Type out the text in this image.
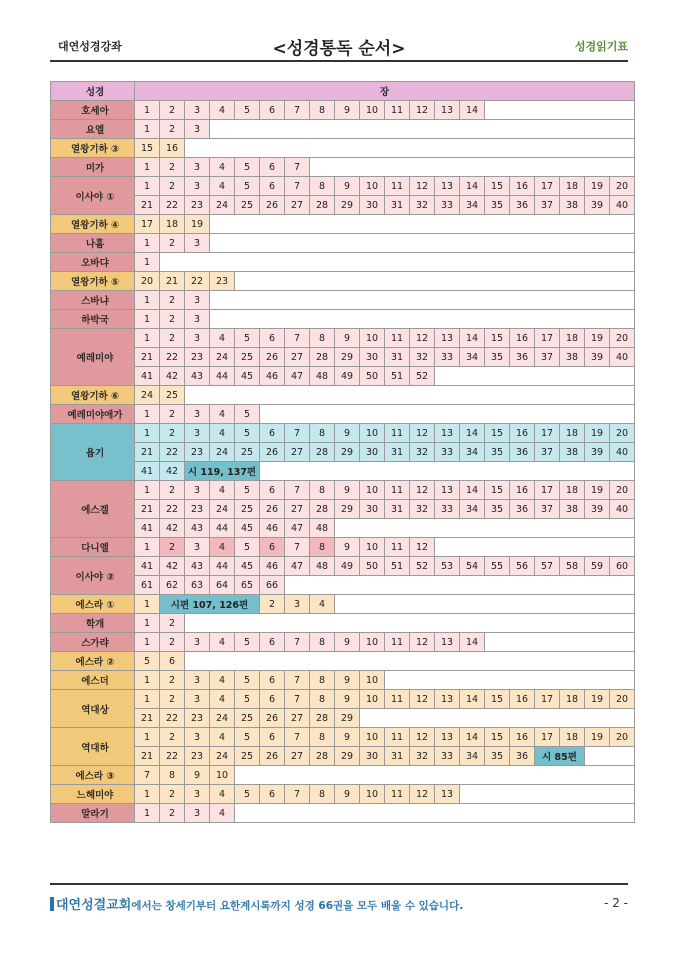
대연성경강좌	<성경통독 순서>	성경읽기표
성경	장																			
호세아	1	2	3	4	5	6	7	8	9	10	11	12	13	14						
요엘	1	2	3																	
열왕기하 ③	15	16																		
미가	1	2	3	4	5	6	7													
이사야 ①	1	2	3	4	5	6	7	8	9	10	11	12	13	14	15	16	17	18	19	20
	21	22	23	24	25	26	27	28	29	30	31	32	33	34	35	36	37	38	39	40
열왕기하 ④	17	18	19																	
나훔	1	2	3																	
오바댜	1																			
열왕기하 ⑤	20	21	22	23																
스바냐	1	2	3																	
하박국	1	2	3																	
예레미야	1	2	3	4	5	6	7	8	9	10	11	12	13	14	15	16	17	18	19	20
	21	22	23	24	25	26	27	28	29	30	31	32	33	34	35	36	37	38	39	40
	41	42	43	44	45	46	47	48	49	50	51	52								
열왕기하 ⑥	24	25																		
예레미야애가	1	2	3	4	5															
욥기	1	2	3	4	5	6	7	8	9	10	11	12	13	14	15	16	17	18	19	20
	21	22	23	24	25	26	27	28	29	30	31	32	33	34	35	36	37	38	39	40
	41	42	시 119, 137편																	
에스겔	1	2	3	4	5	6	7	8	9	10	11	12	13	14	15	16	17	18	19	20
	21	22	23	24	25	26	27	28	29	30	31	32	33	34	35	36	37	38	39	40
	41	42	43	44	45	46	47	48												
다니엘	1	2	3	4	5	6	7	8	9	10	11	12								
이사야 ②	41	42	43	44	45	46	47	48	49	50	51	52	53	54	55	56	57	58	59	60
	61	62	63	64	65	66														
에스라 ①	1	시편 107, 126편				2	3	4												
학개	1	2																		
스가랴	1	2	3	4	5	6	7	8	9	10	11	12	13	14						
에스라 ②	5	6																		
에스더	1	2	3	4	5	6	7	8	9	10										
역대상	1	2	3	4	5	6	7	8	9	10	11	12	13	14	15	16	17	18	19	20
	21	22	23	24	25	26	27	28	29											
역대하	1	2	3	4	5	6	7	8	9	10	11	12	13	14	15	16	17	18	19	20
	21	22	23	24	25	26	27	28	29	30	31	32	33	34	35	36	시 85편			
에스라 ③	7	8	9	10																
느헤미야	1	2	3	4	5	6	7	8	9	10	11	12	13							
말라기	1	2	3	4																
대연성결교회에서는 창세기부터 요한계시록까지 성경 66권을 모두 배울 수 있습니다.	- 2 -
